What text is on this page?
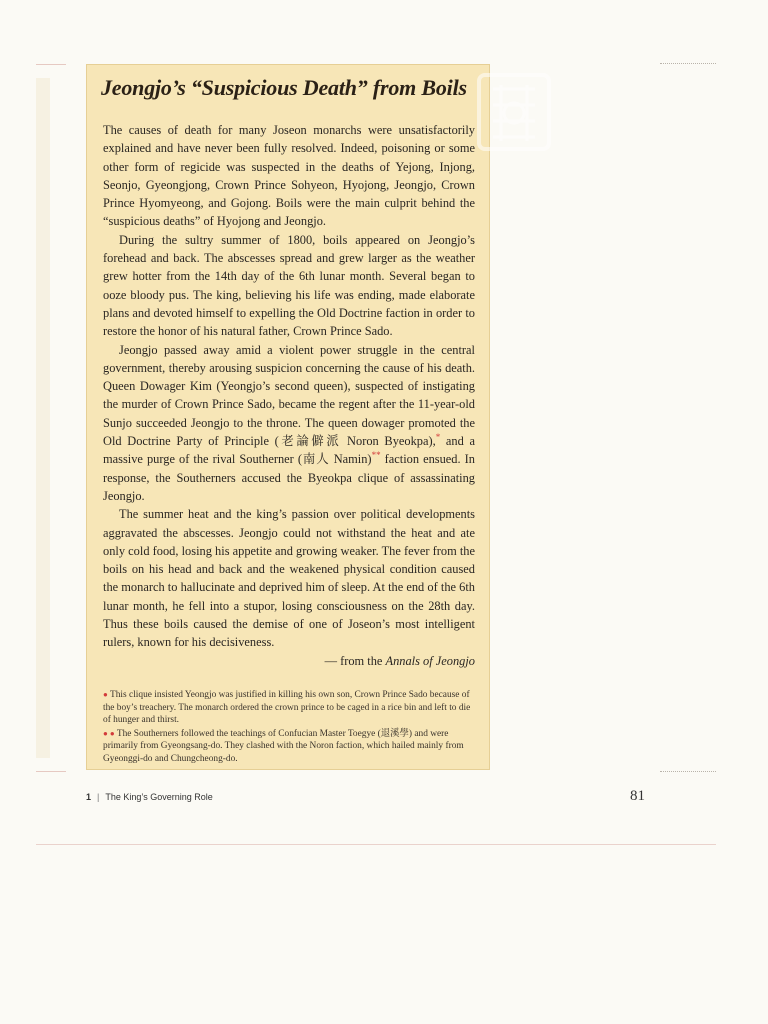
Jeongjo’s “Suspicious Death” from Boils

The causes of death for many Joseon monarchs were unsatisfactorily explained and have never been fully resolved. Indeed, poisoning or some other form of regicide was suspected in the deaths of Yejong, Injong, Seonjo, Gyeongjong, Crown Prince Sohyeon, Hyojong, Jeongjo, Crown Prince Hyomyeong, and Gojong. Boils were the main culprit behind the “suspicious deaths” of Hyojong and Jeongjo.

During the sultry summer of 1800, boils appeared on Jeongjo’s forehead and back. The abscesses spread and grew larger as the weather grew hotter from the 14th day of the 6th lunar month. Several began to ooze bloody pus. The king, believing his life was ending, made elaborate plans and devoted himself to expelling the Old Doctrine faction in order to restore the honor of his natural father, Crown Prince Sado.

Jeongjo passed away amid a violent power struggle in the central government, thereby arousing suspicion concerning the cause of his death. Queen Dowager Kim (Yeongjo’s second queen), suspected of instigating the murder of Crown Prince Sado, became the regent after the 11-year-old Sunjo succeeded Jeongjo to the throne. The queen dowager promoted the Old Doctrine Party of Principle (老論僻派 Noron Byeokpa),* and a massive purge of the rival Southerner (南人 Namin)** faction ensued. In response, the Southerners accused the Byeokpa clique of assassinating Jeongjo.

The summer heat and the king’s passion over political developments aggravated the abscesses. Jeongjo could not withstand the heat and ate only cold food, losing his appetite and growing weaker. The fever from the boils on his head and back and the weakened physical condition caused the monarch to hallucinate and deprived him of sleep. At the end of the 6th lunar month, he fell into a stupor, losing consciousness on the 28th day. Thus these boils caused the demise of one of Joseon’s most intelligent rulers, known for his decisiveness.

— from the Annals of Jeongjo

● This clique insisted Yeongjo was justified in killing his own son, Crown Prince Sado because of the boy’s treachery. The monarch ordered the crown prince to be caged in a rice bin and left to die of hunger and thirst.

● ● The Southerners followed the teachings of Confucian Master Toegye (退溪學) and were primarily from Gyeongsang-do. They clashed with the Noron faction, which hailed mainly from Gyeonggi-do and Chungcheong-do.

1 | The King’s Governing Role	81
